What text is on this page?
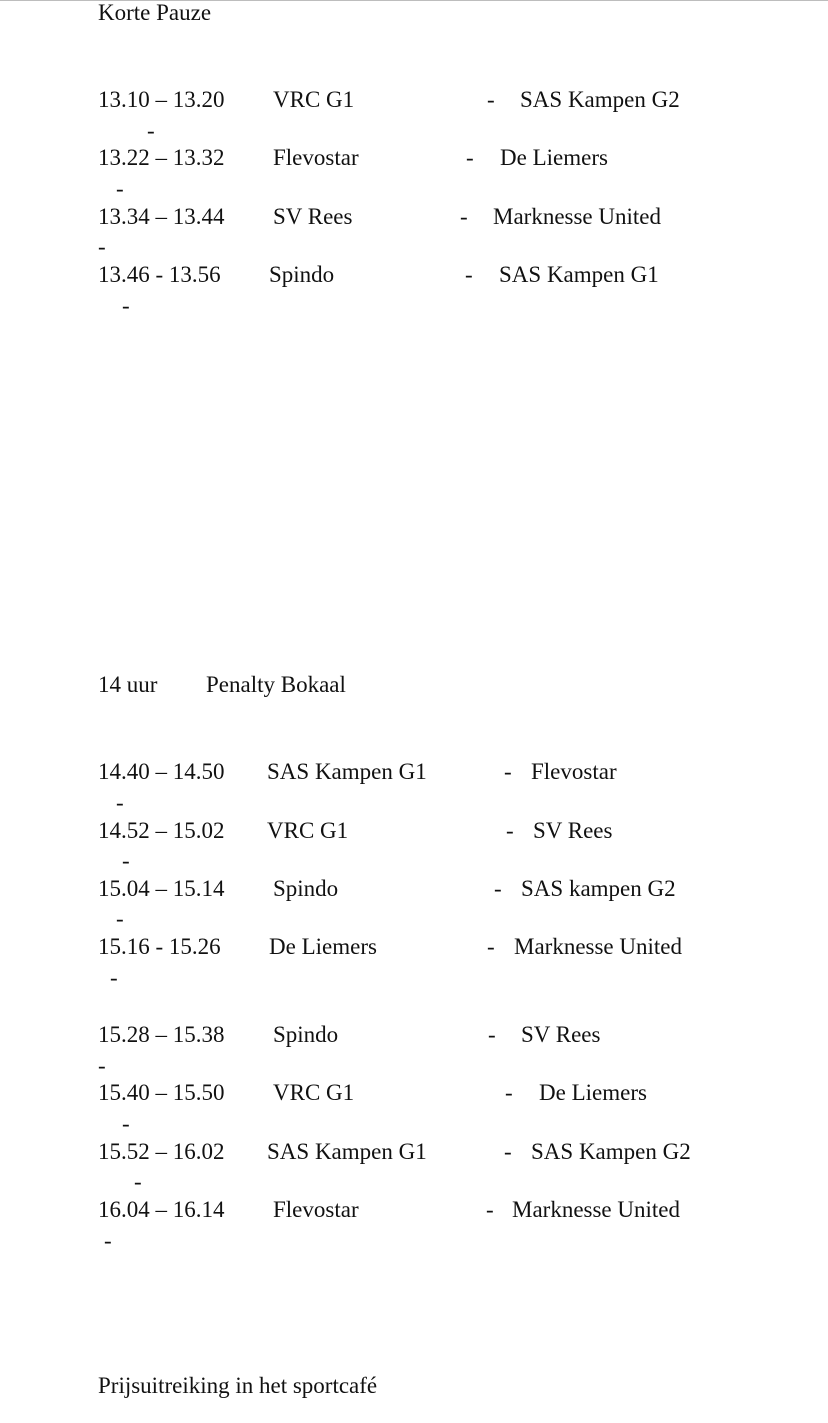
Korte Pauze
13.10 – 13.20 VRC G1	- SAS Kampen G2
-
13.22 – 13.32 Flevostar	- De Liemers
-
13.34 – 13.44 SV Rees	- Marknesse United
-
13.46 - 13.56 Spindo	- SAS Kampen G1
-
14 uur Penalty Bokaal
14.40 – 14.50 SAS Kampen G1	- Flevostar
-
14.52 – 15.02 VRC G1	- SV Rees
-
15.04 – 15.14 Spindo	- SAS kampen G2
-
15.16 - 15.26 De Liemers	- Marknesse United
-
15.28 – 15.38 Spindo	- SV Rees
-
15.40 – 15.50 VRC G1	- De Liemers
-
15.52 – 16.02 SAS Kampen G1	- SAS Kampen G2
-
16.04 – 16.14 Flevostar	- Marknesse United
-
Prijsuitreiking in het sportcafé
